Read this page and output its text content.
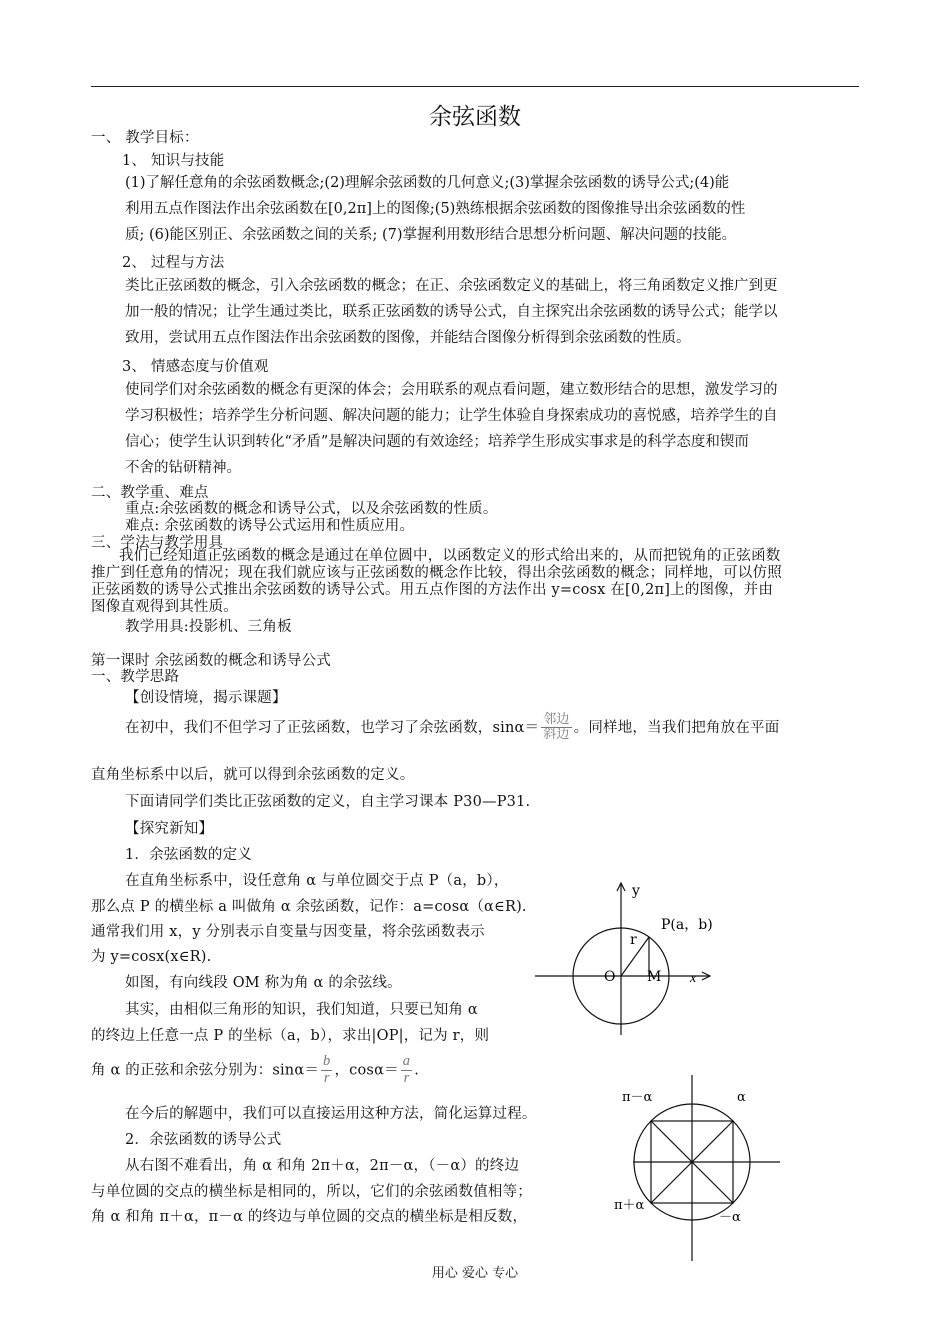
余弦函数
一、 教学目标：
1、 知识与技能
(1)了解任意角的余弦函数概念;(2)理解余弦函数的几何意义;(3)掌握余弦函数的诱导公式;(4)能
利用五点作图法作出余弦函数在[0,2π]上的图像;(5)熟练根据余弦函数的图像推导出余弦函数的性
质; (6)能区别正、余弦函数之间的关系; (7)掌握利用数形结合思想分析问题、解决问题的技能。
2、 过程与方法
类比正弦函数的概念，引入余弦函数的概念；在正、余弦函数定义的基础上，将三角函数定义推广到更
加一般的情况；让学生通过类比，联系正弦函数的诱导公式，自主探究出余弦函数的诱导公式；能学以
致用，尝试用五点作图法作出余弦函数的图像，并能结合图像分析得到余弦函数的性质。
3、 情感态度与价值观
使同学们对余弦函数的概念有更深的体会；会用联系的观点看问题，建立数形结合的思想，激发学习的
学习积极性；培养学生分析问题、解决问题的能力；让学生体验自身探索成功的喜悦感，培养学生的自
信心；使学生认识到转化“矛盾”是解决问题的有效途经；培养学生形成实事求是的科学态度和锲而
不舍的钻研精神。
二、教学重、难点
重点:余弦函数的概念和诱导公式，以及余弦函数的性质。
难点: 余弦函数的诱导公式运用和性质应用。
三、学法与教学用具
我们已经知道正弦函数的概念是通过在单位圆中，以函数定义的形式给出来的，从而把锐角的正弦函数
推广到任意角的情况；现在我们就应该与正弦函数的概念作比较，得出余弦函数的概念；同样地，可以仿照
正弦函数的诱导公式推出余弦函数的诱导公式。用五点作图的方法作出 y=cosx 在[0,2π]上的图像，并由
图像直观得到其性质。
教学用具:投影机、三角板
第一课时 余弦函数的概念和诱导公式
一、教学思路
【创设情境，揭示课题】
在初中，我们不但学习了正弦函数，也学习了余弦函数，$\sin\alpha= \frac{\text{邻边}}{\text{斜边}}$ 。同样地，当我们把角放在平面
直角坐标系中以后，就可以得到余弦函数的定义。
下面请同学们类比正弦函数的定义，自主学习课本 P30—P31.
【探究新知】
1．余弦函数的定义
在直角坐标系中，设任意角 α 与单位圆交于点 P（a，b），
那么点 P 的横坐标 a 叫做角 α 余弦函数，记作：a=cosα（α∈R).
通常我们用 x，y 分别表示自变量与因变量，将余弦函数表示
为 y=cosx(x∈R).
如图，有向线段 OM 称为角 α 的余弦线。
其实，由相似三角形的知识，我们知道，只要已知角 α
的终边上任意一点 P 的坐标（a，b），求出|OP|，记为 r，则
角 α 的正弦和余弦分别为：$\sin\alpha= \frac{b}{r}$ ，$\cos\alpha= \frac{a}{r}$ .
在今后的解题中，我们可以直接运用这种方法，简化运算过程。
2．余弦函数的诱导公式
从右图不难看出，角 α 和角 2π＋α，2π－α，（－α）的终边
与单位圆的交点的横坐标是相同的，所以，它们的余弦函数值相等；
角 α 和角 π＋α，π－α 的终边与单位圆的交点的横坐标是相反数，
y
P(a，b)
r
O M x
π－α	α
π＋α
－α
用心 爱心 专心
